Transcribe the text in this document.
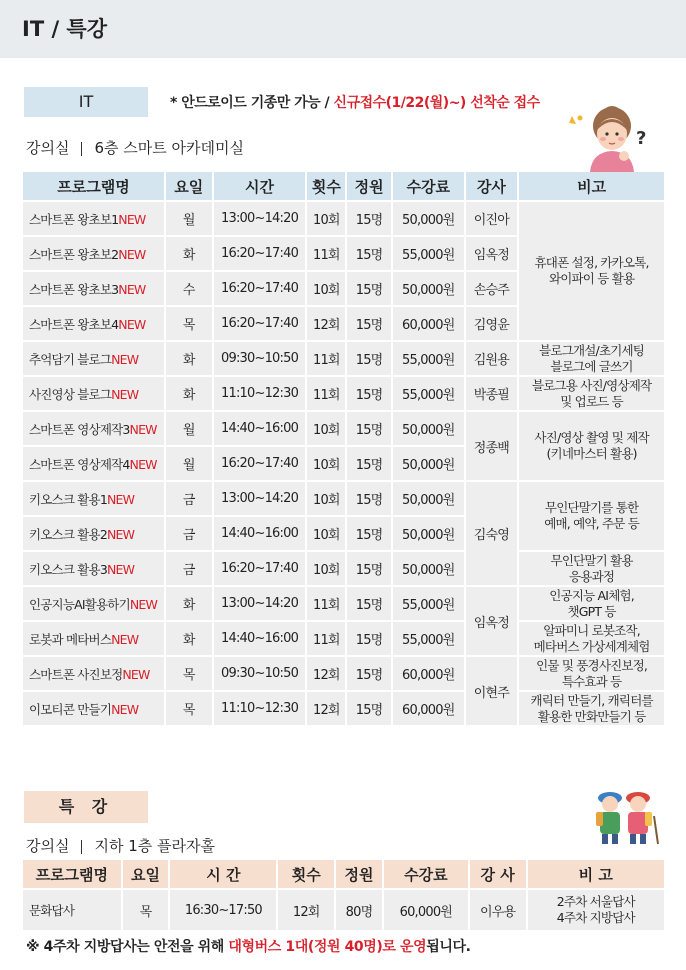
IT / 특강
IT	* 안드로이드 기종만 가능 / 신규접수(1/22(월)~) 선착순 접수
?
강의실 6층 스마트 아카데미실
프로그램명	요일	시간	횟수	정원	수강료	강사	비고
스마트폰 왕초보1NEW	월	13:00~14:20	10회	15명	50,000원	이진아	휴대폰 설정, 카카오톡,
와이파이 등 활용

스마트폰 왕초보2NEW	화	16:20~17:40	11회	15명	55,000원	임옥정	
스마트폰 왕초보3NEW	수	16:20~17:40	10회	15명	50,000원	손승주	
스마트폰 왕초보4NEW	목	16:20~17:40	12회	15명	60,000원	김영윤	
추억담기 블로그NEW	화	09:30~10:50	11회	15명	55,000원	김원용	블로그개설/초기세팅
블로그에 글쓰기

사진영상 블로그NEW	화	11:10~12:30	11회	15명	55,000원	박종필	블로그용 사진/영상제작
및 업로드 등

스마트폰 영상제작3NEW	월	14:40~16:00	10회	15명	50,000원	정종백	사진/영상 촬영 및 제작
(키네마스터 활용)

스마트폰 영상제작4NEW	월	16:20~17:40	10회	15명	50,000원		
키오스크 활용1NEW	금	13:00~14:20	10회	15명	50,000원	김숙영	무인단말기를 통한
예매, 예약, 주문 등

키오스크 활용2NEW	금	14:40~16:00	10회	15명	50,000원		
키오스크 활용3NEW	금	16:20~17:40	10회	15명	50,000원		무인단말기 활용
응용과정

인공지능AI활용하기NEW	화	13:00~14:20	11회	15명	55,000원	임옥정	인공지능 AI체험,
챗GPT 등

로봇과 메타버스NEW	화	14:40~16:00	11회	15명	55,000원		알파미니 로봇조작,
메타버스 가상세계체험

스마트폰 사진보정NEW	목	09:30~10:50	12회	15명	60,000원	이현주	인물 및 풍경사진보정,
특수효과 등

이모티콘 만들기NEW	목	11:10~12:30	12회	15명	60,000원		캐릭터 만들기, 캐릭터를
활용한 만화만들기 등
특 강
강의실 지하 1층 플라자홀
프로그램명	요일	시 간	횟수	정원	수강료	강 사	비 고
문화답사	목	16:30~17:50	12회	80명	60,000원	이우용	2주차 서울답사
4주차 지방답사
※ 4주차 지방답사는 안전을 위해 대형버스 1대(정원 40명)로 운영됩니다.
